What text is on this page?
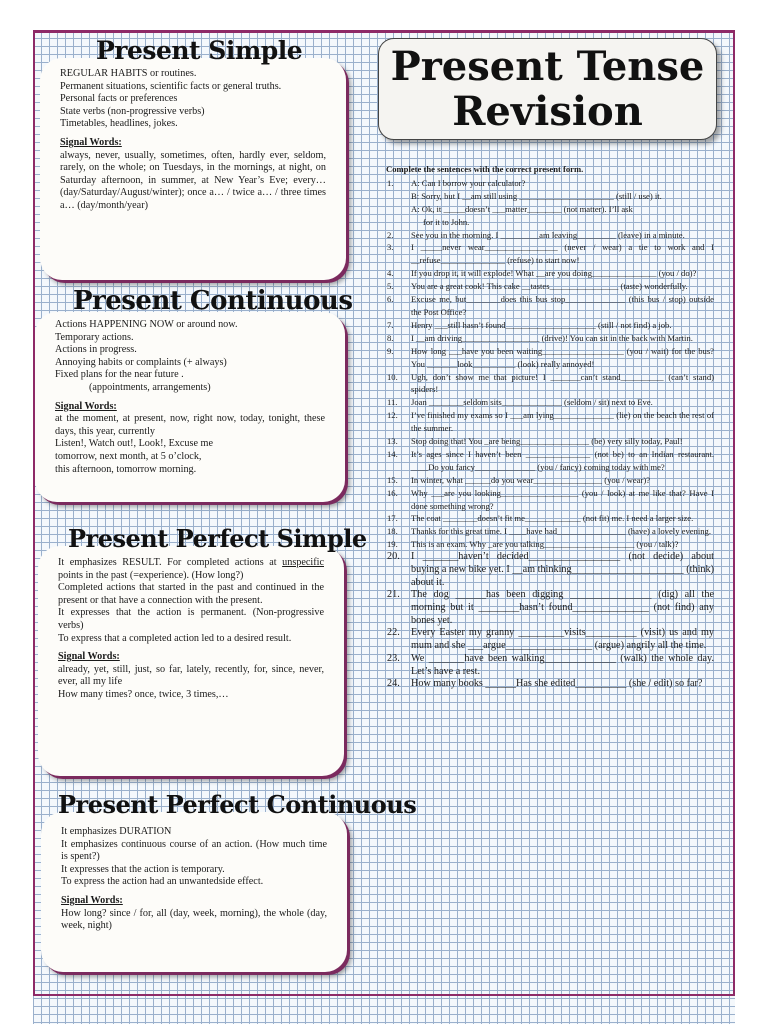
Present Tense
Revision

REGULAR HABITS or routines.

Permanent situations, scientific facts or general truths.

Personal facts or preferences

State verbs (non-progressive verbs)

Timetables, headlines, jokes.

Signal Words:

always, never, usually, sometimes, often, hardly ever, seldom, rarely, on the whole; on Tuesdays, in the mornings, at night, on Saturday afternoon, in summer, at New Year’s Eve; every… (day/Saturday/August/winter); once a… / twice a… / three times a… (day/month/year)

Present Simple

Actions HAPPENING NOW or around now.

Temporary actions.

Actions in progress.

Annoying habits or complaints (+ always)

Fixed plans for the near future .

(appointments, arrangements)

Signal Words:

at the moment, at present, now, right now, today, tonight, these days, this year, currently

Listen!, Watch out!, Look!, Excuse me

tomorrow, next month, at 5 o’clock,

this afternoon, tomorrow morning.

Present Continuous

It emphasizes RESULT. For completed actions at unspecific points in the past (=experience). (How long?)

Completed actions that started in the past and continued in the present or that have a connection with the present.

It expresses that the action is permanent. (Non-progressive verbs)

To express that a completed action led to a desired result.

Signal Words:

already, yet, still, just, so far, lately, recently, for, since, never, ever, all my life

How many times? once, twice, 3 times,…

Present Perfect Simple

It emphasizes DURATION

It emphasizes continuous course of an action. (How much time is spent?)

It expresses that the action is temporary.

To express the action had an unwantedside effect.

Signal Words:

How long? since / for, all (day, week, morning), the whole (day, week, night)

Present Perfect Continuous
Complete the sentences with the correct present form.
1. A: Can I borrow your calculator?
B: Sorry, but I __am still using ______________________ (still / use) it.
A: Ok, it _____doesn’t ___matter________ (not matter). I’ll ask
for it to John.
2. See you in the morning. I _________am leaving_________ (leave) in a minute.
3. I _____never wear_________________ (never / wear) a tie to work and I __refuse_______________ (refuse) to start now!
4. If you drop it, it will explode! What __are you doing_______________ (you / do)?
5. You are a great cook! This cake __tastes________________ (taste) wonderfully.
6. Excuse me, but________does this bus stop______________ (this bus / stop) outside the Post Office?
7. Henry ___still hasn’t found_____________________ (still / not find) a job.
8. I __am driving__________________ (drive)! You can sit in the back with Martin.
9. How long ___have you been waiting___________________ (you / wait) for the bus? You _______look__________ (look) really annoyed!
10. Ugh, don’t show me that picture! I _______can’t stand__________ (can’t stand) spiders!
11. Joan ________seldom sits______________ (seldom / sit) next to Eve.
12. I’ve finished my exams so I ___am lying______________ (lie) on the beach the rest of the summer.
13. Stop doing that! You _are being________________ (be) very silly today, Paul!
14. It’s ages since I haven’t been _______________ (not be) to an Indian restaurant. ____Do you fancy______________ (you / fancy) coming today with me?
15. In winter, what ______do you wear________________ (you / wear)?
16. Why ___are you looking__________________ (you / look) at me like that? Have I done something wrong?
17. The coat ________doesn’t fit me_____________ (not fit) me. I need a larger size.
18. Thanks for this great time. I ____have had________________ (have) a lovely evening.
19. This is an exam. Why _are you talking_____________________ (you / talk)?
20. I _______haven’t decided__________________ (not decide) about buying a new bike yet. I __am thinking______________________ (think) about it.
21. The dog ______has been digging ________________ (dig) all the morning but it ________hasn’t found_______________ (not find) any bones yet.
22. Every Easter my granny _________visits__________ (visit) us and my mum and she ___argue_________________ (argue) angrily all the time.
23. We _______have been walking______________ (walk) the whole day. Let’s have a rest.
24. How many books ______Has she edited__________ (she / edit) so far?
